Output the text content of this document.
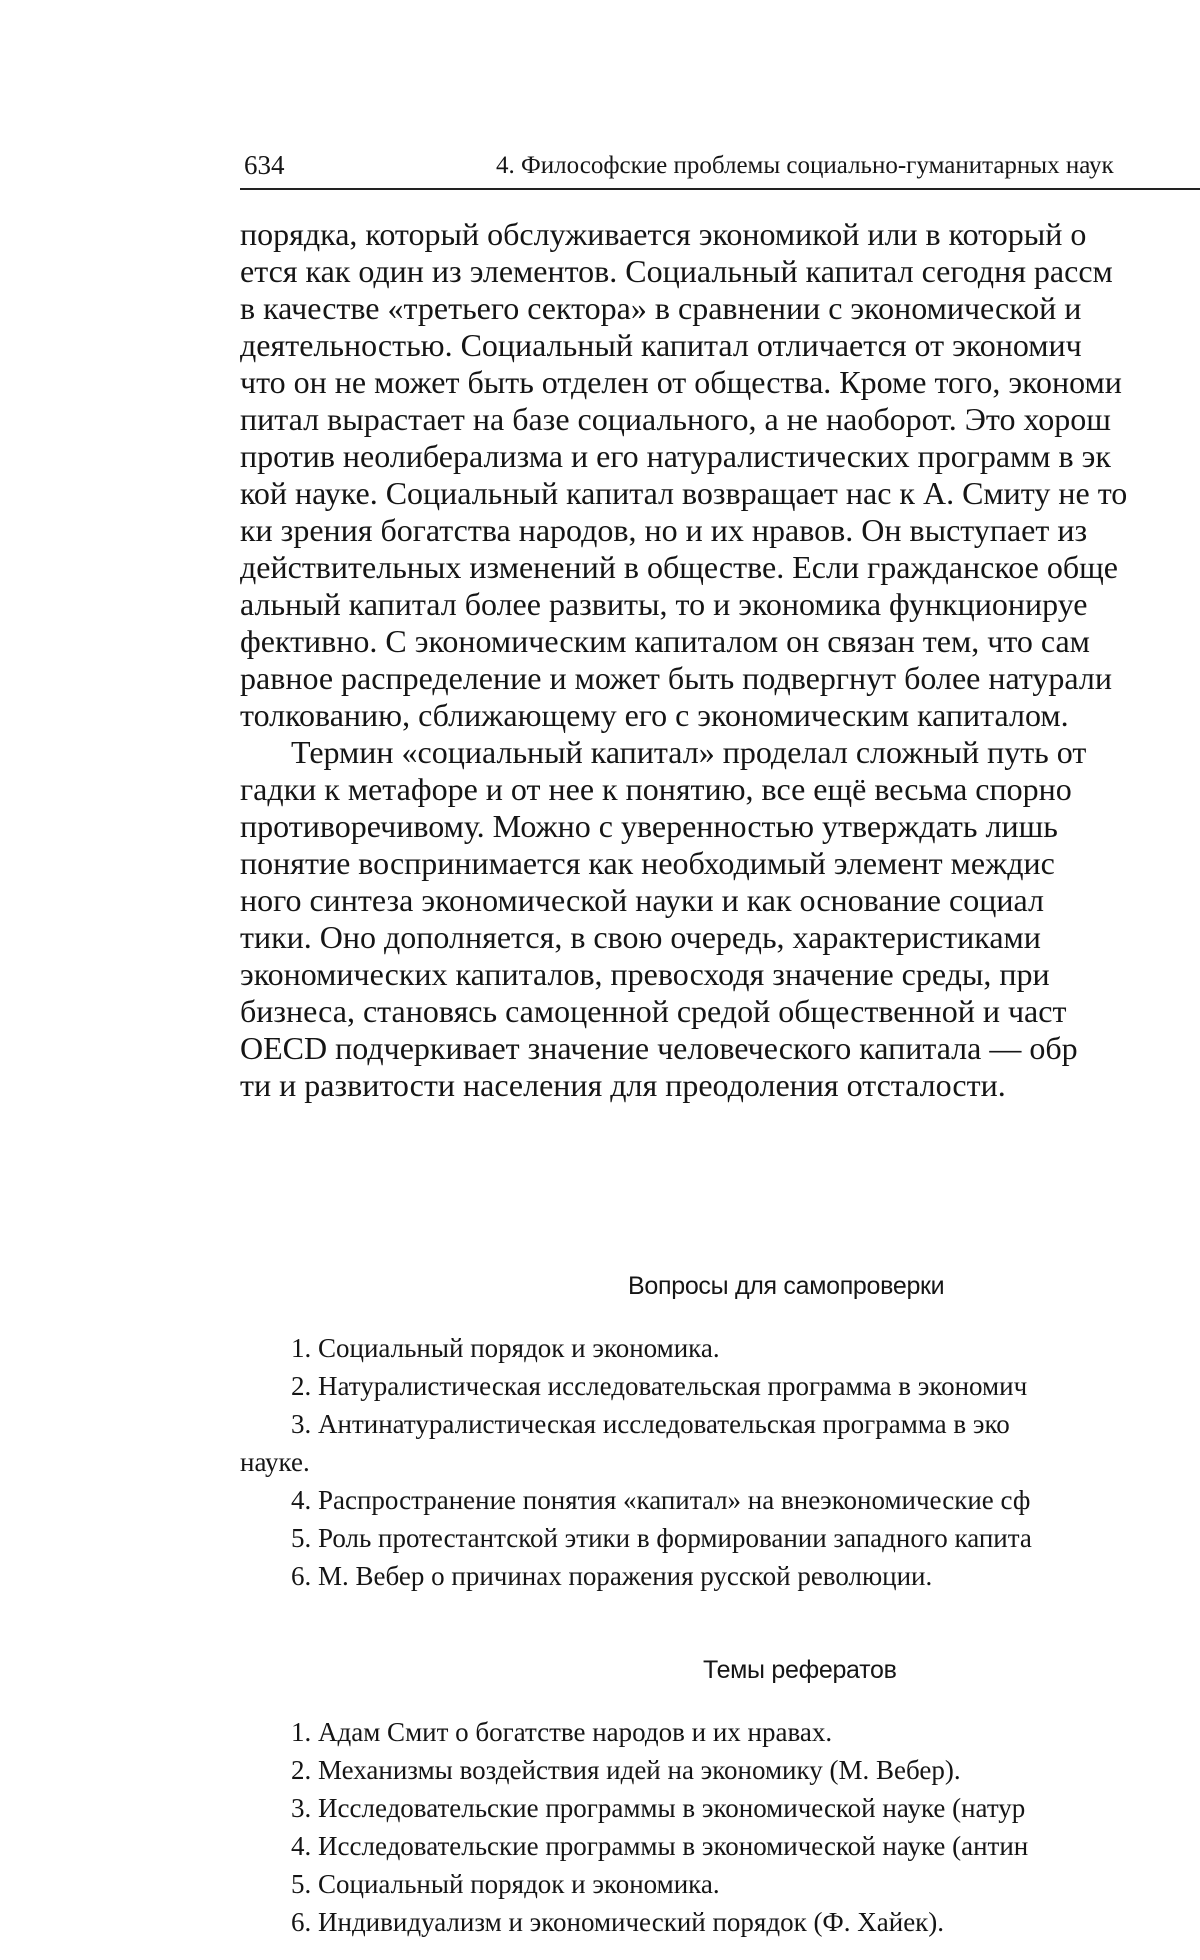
634	4. Философские проблемы социально-гуманитарных наук
порядка, который обслуживается экономикой или в который о
ется как один из элементов. Социальный капитал сегодня рассм
в качестве «третьего сектора» в сравнении с экономической и
деятельностью. Социальный капитал отличается от экономич
что он не может быть отделен от общества. Кроме того, экономи
питал вырастает на базе социального, а не наоборот. Это хорош
против неолиберализма и его натуралистических программ в эк
кой науке. Социальный капитал возвращает нас к А. Смиту не то
ки зрения богатства народов, но и их нравов. Он выступает из
действительных изменений в обществе. Если гражданское обще
альный капитал более развиты, то и экономика функционируе
фективно. С экономическим капиталом он связан тем, что сам
равное распределение и может быть подвергнут более натурали
толкованию, сближающему его с экономическим капиталом.
Термин «социальный капитал» проделал сложный путь от
гадки к метафоре и от нее к понятию, все ещё весьма спорно
противоречивому. Можно с уверенностью утверждать лишь
понятие воспринимается как необходимый элемент междис
ного синтеза экономической науки и как основание социал
тики. Оно дополняется, в свою очередь, характеристиками
экономических капиталов, превосходя значение среды, при
бизнеса, становясь самоценной средой общественной и част
OECD подчеркивает значение человеческого капитала — обр
ти и развитости населения для преодоления отсталости.
Вопросы для самопроверки
1. Социальный порядок и экономика.
2. Натуралистическая исследовательская программа в экономич
3. Антинатуралистическая исследовательская программа в эко
науке.
4. Распространение понятия «капитал» на внеэкономические сф
5. Роль протестантской этики в формировании западного капита
6. М. Вебер о причинах поражения русской революции.
Темы рефератов
1. Адам Смит о богатстве народов и их нравах.
2. Механизмы воздействия идей на экономику (М. Вебер).
3. Исследовательские программы в экономической науке (натур
4. Исследовательские программы в экономической науке (антин
5. Социальный порядок и экономика.
6. Индивидуализм и экономический порядок (Ф. Хайек).
